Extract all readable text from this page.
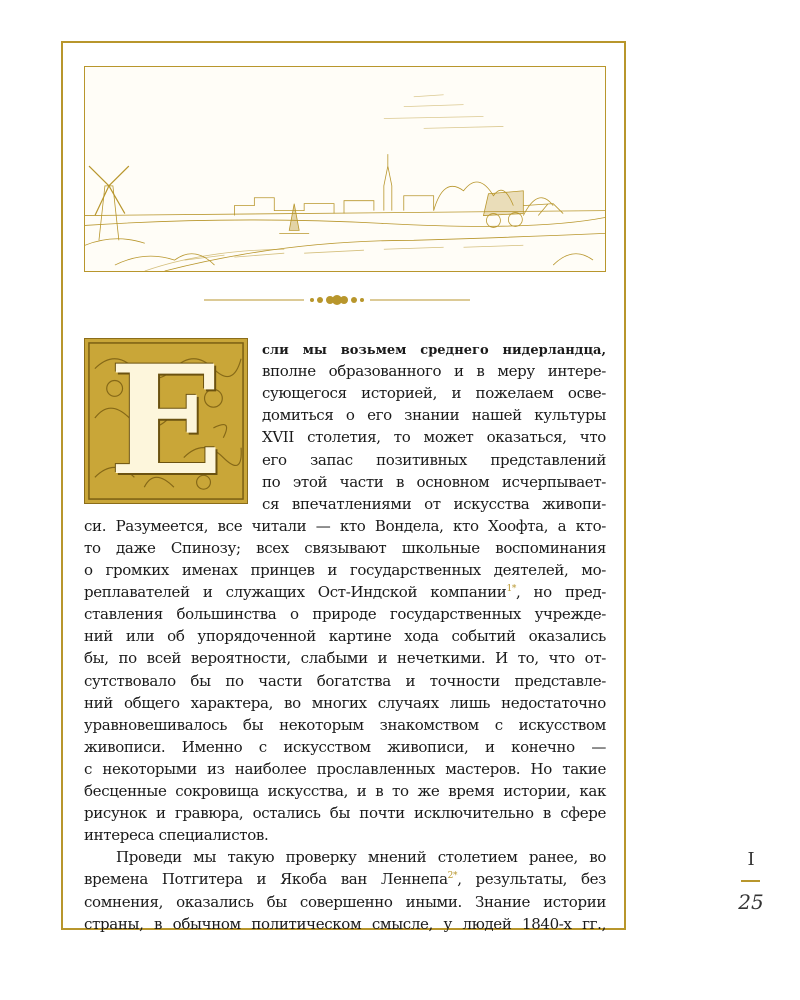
Е	сли мы возьмем среднего нидерландца,
вполне образованного и в меру интере-
сующегося историей, и пожелаем осве-
домиться о его знании нашей культуры
XVII столетия, то может оказаться, что
его запас позитивных представлений
по этой части в основном исчерпывает-
ся впечатлениями от искусства живопи-
си. Разумеется, все читали — кто Вондела, кто Хоофта, а кто-
то даже Спинозу; всех связывают школьные воспоминания
о громких именах принцев и государственных деятелей, мо-
реплавателей и служащих Ост-Индской компании$^{1*}$, но пред-
ставления большинства о природе государственных учрежде-
ний или об упорядоченной картине хода событий оказались
бы, по всей вероятности, слабыми и нечеткими. И то, что от-
сутствовало бы по части богатства и точности представле-
ний общего характера, во многих случаях лишь недостаточно
уравновешивалось бы некоторым знакомством с искусством
живописи. Именно с искусством живописи, и конечно —
с некоторыми из наиболее прославленных мастеров. Но такие
бесценные сокровища искусства, и в то же время истории, как
рисунок и гравюра, остались бы почти исключительно в сфере
интереса специалистов.
Проведи мы такую проверку мнений столетием ранее, во
времена Потгитера и Якоба ван Леннепа$^{2*}$, результаты, без
сомнения, оказались бы совершенно иными. Знание истории
страны, в обычном политическом смысле, у людей 1840-х гг.,
I
25
